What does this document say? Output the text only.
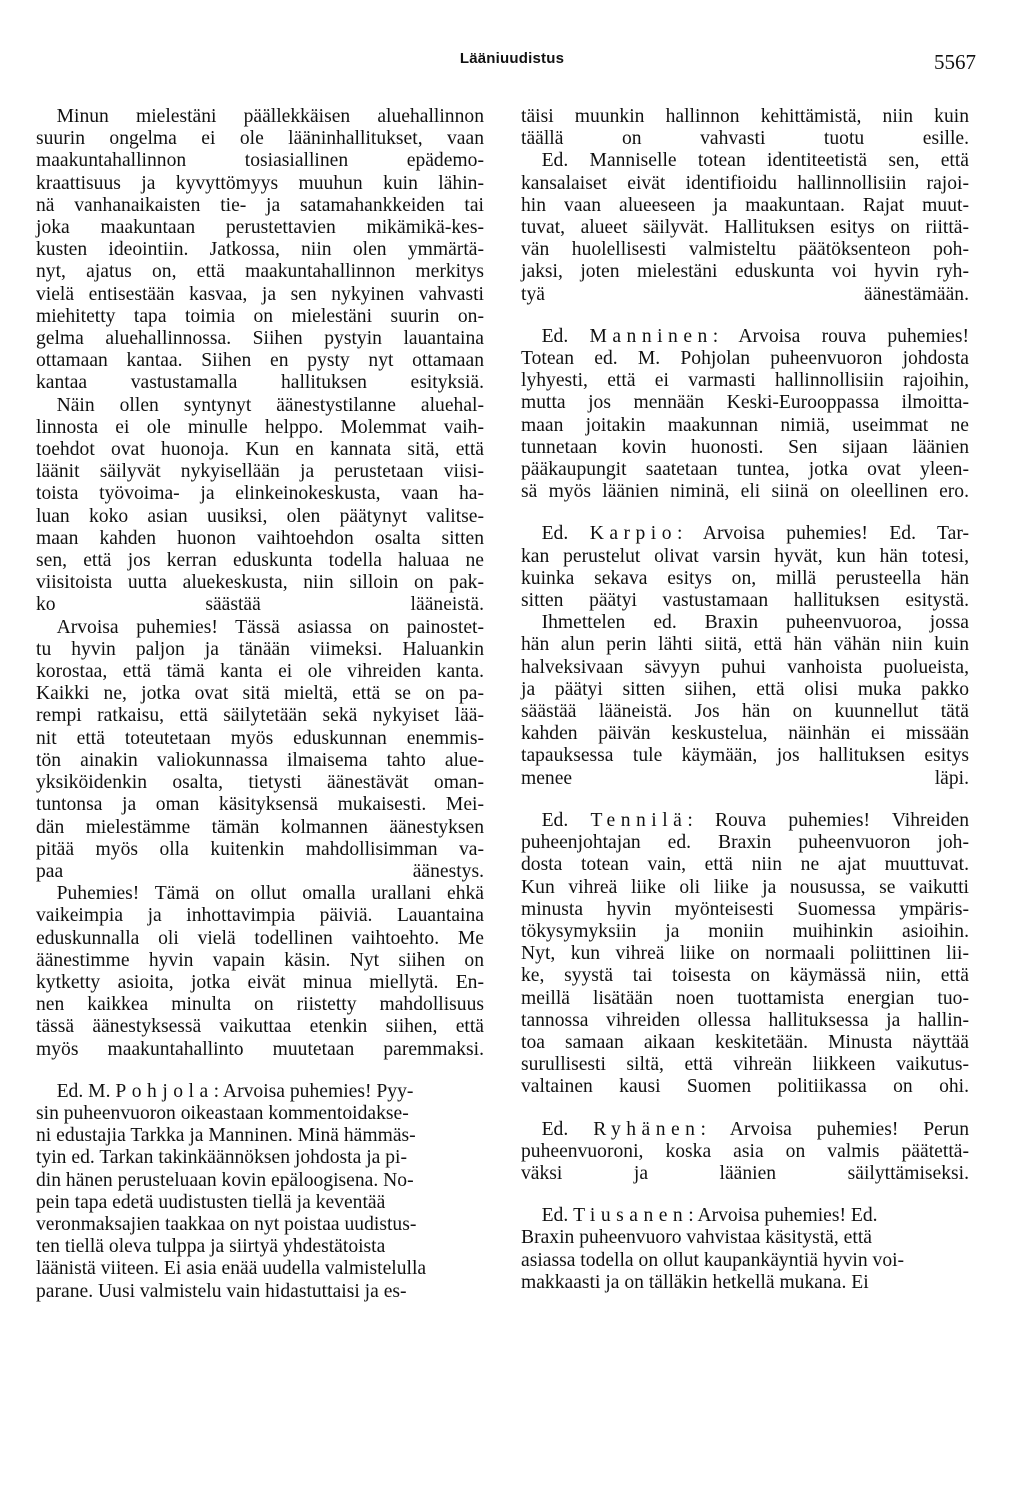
Lääniuudistus	5567

Minun mielestäni päällekkäisen aluehallinnon
suurin ongelma ei ole lääninhallitukset, vaan
maakuntahallinnon tosiasiallinen epädemo-
kraattisuus ja kyvyttömyys muuhun kuin lähin-
nä vanhanaikaisten tie- ja satamahankkeiden tai
joka maakuntaan perustettavien mikämikä-kes-
kusten ideointiin. Jatkossa, niin olen ymmärtä-
nyt, ajatus on, että maakuntahallinnon merkitys
vielä entisestään kasvaa, ja sen nykyinen vahvasti
miehitetty tapa toimia on mielestäni suurin on-
gelma aluehallinnossa. Siihen pystyin lauantaina
ottamaan kantaa. Siihen en pysty nyt ottamaan
kantaa vastustamalla hallituksen esityksiä.

Näin ollen syntynyt äänestystilanne aluehal-
linnosta ei ole minulle helppo. Molemmat vaih-
toehdot ovat huonoja. Kun en kannata sitä, että
läänit säilyvät nykyisellään ja perustetaan viisi-
toista työvoima- ja elinkeinokeskusta, vaan ha-
luan koko asian uusiksi, olen päätynyt valitse-
maan kahden huonon vaihtoehdon osalta sitten
sen, että jos kerran eduskunta todella haluaa ne
viisitoista uutta aluekeskusta, niin silloin on pak-
ko säästää lääneistä.

Arvoisa puhemies! Tässä asiassa on painostet-
tu hyvin paljon ja tänään viimeksi. Haluankin
korostaa, että tämä kanta ei ole vihreiden kanta.
Kaikki ne, jotka ovat sitä mieltä, että se on pa-
rempi ratkaisu, että säilytetään sekä nykyiset lää-
nit että toteutetaan myös eduskunnan enemmis-
tön ainakin valiokunnassa ilmaisema tahto alue-
yksiköidenkin osalta, tietysti äänestävät oman-
tuntonsa ja oman käsityksensä mukaisesti. Mei-
dän mielestämme tämän kolmannen äänestyksen
pitää myös olla kuitenkin mahdollisimman va-
paa äänestys.

Puhemies! Tämä on ollut omalla urallani ehkä
vaikeimpia ja inhottavimpia päiviä. Lauantaina
eduskunnalla oli vielä todellinen vaihtoehto. Me
äänestimme hyvin vapain käsin. Nyt siihen on
kytketty asioita, jotka eivät minua miellytä. En-
nen kaikkea minulta on riistetty mahdollisuus
tässä äänestyksessä vaikuttaa etenkin siihen, että
myös maakuntahallinto muutetaan paremmaksi.

Ed. M. Pohjola: Arvoisa puhemies! Pyy-
sin puheenvuoron oikeastaan kommentoidakse-
ni edustajia Tarkka ja Manninen. Minä hämmäs-
tyin ed. Tarkan takinkäännöksen johdosta ja pi-
din hänen perusteluaan kovin epäloogisena. No-
pein tapa edetä uudistusten tiellä ja keventää
veronmaksajien taakkaa on nyt poistaa uudistus-
ten tiellä oleva tulppa ja siirtyä yhdestätoista
läänistä viiteen. Ei asia enää uudella valmistelulla
parane. Uusi valmistelu vain hidastuttaisi ja es-

täisi muunkin hallinnon kehittämistä, niin kuin
täällä on vahvasti tuotu esille.

Ed. Manniselle totean identiteetistä sen, että
kansalaiset eivät identifioidu hallinnollisiin rajoi-
hin vaan alueeseen ja maakuntaan. Rajat muut-
tuvat, alueet säilyvät. Hallituksen esitys on riittä-
vän huolellisesti valmisteltu päätöksenteon poh-
jaksi, joten mielestäni eduskunta voi hyvin ryh-
tyä äänestämään.

Ed. Manninen: Arvoisa rouva puhemies!
Totean ed. M. Pohjolan puheenvuoron johdosta
lyhyesti, että ei varmasti hallinnollisiin rajoihin,
mutta jos mennään Keski-Eurooppassa ilmoitta-
maan joitakin maakunnan nimiä, useimmat ne
tunnetaan kovin huonosti. Sen sijaan läänien
pääkaupungit saatetaan tuntea, jotka ovat yleen-
sä myös läänien niminä, eli siinä on oleellinen ero.

Ed. Karpio: Arvoisa puhemies! Ed. Tar-
kan perustelut olivat varsin hyvät, kun hän totesi,
kuinka sekava esitys on, millä perusteella hän
sitten päätyi vastustamaan hallituksen esitystä.

Ihmettelen ed. Braxin puheenvuoroa, jossa
hän alun perin lähti siitä, että hän vähän niin kuin
halveksivaan sävyyn puhui vanhoista puolueista,
ja päätyi sitten siihen, että olisi muka pakko
säästää lääneistä. Jos hän on kuunnellut tätä
kahden päivän keskustelua, näinhän ei missään
tapauksessa tule käymään, jos hallituksen esitys
menee läpi.

Ed. Tennilä: Rouva puhemies! Vihreiden
puheenjohtajan ed. Braxin puheenvuoron joh-
dosta totean vain, että niin ne ajat muuttuvat.
Kun vihreä liike oli liike ja nousussa, se vaikutti
minusta hyvin myönteisesti Suomessa ympäris-
tökysymyksiin ja moniin muihinkin asioihin.
Nyt, kun vihreä liike on normaali poliittinen lii-
ke, syystä tai toisesta on käymässä niin, että
meillä lisätään noen tuottamista energian tuo-
tannossa vihreiden ollessa hallituksessa ja hallin-
toa samaan aikaan keskitetään. Minusta näyttää
surullisesti siltä, että vihreän liikkeen vaikutus-
valtainen kausi Suomen politiikassa on ohi.

Ed. Ryhänen: Arvoisa puhemies! Perun
puheenvuoroni, koska asia on valmis päätettä-
väksi ja läänien säilyttämiseksi.

Ed. Tiusanen: Arvoisa puhemies! Ed.
Braxin puheenvuoro vahvistaa käsitystä, että
asiassa todella on ollut kaupankäyntiä hyvin voi-
makkaasti ja on tälläkin hetkellä mukana. Ei
